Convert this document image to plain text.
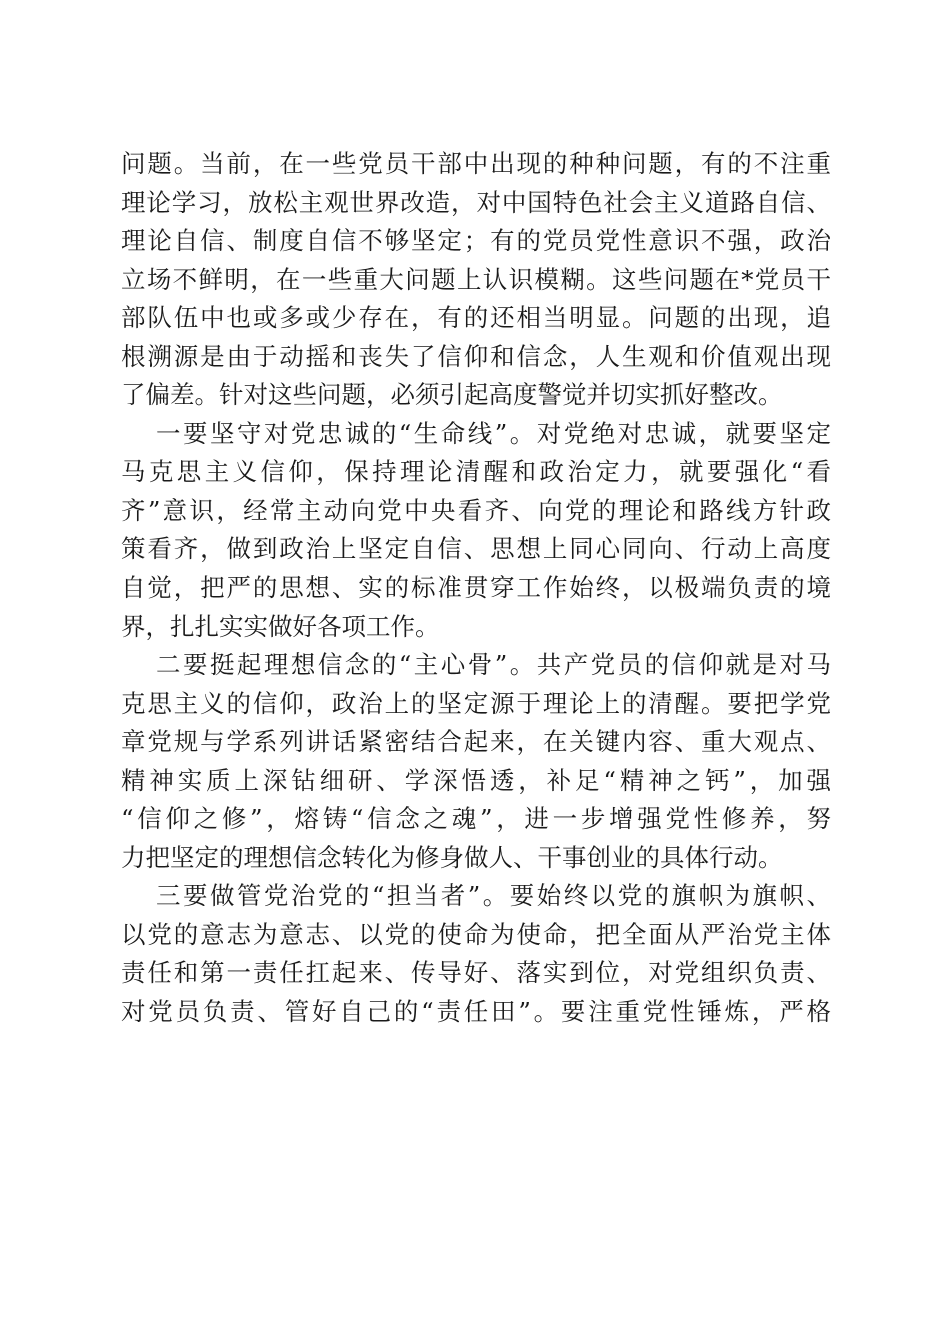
问题。当前，在一些党员干部中出现的种种问题，有的不注重
理论学习，放松主观世界改造，对中国特色社会主义道路自信、
理论自信、制度自信不够坚定；有的党员党性意识不强，政治
立场不鲜明，在一些重大问题上认识模糊。这些问题在*党员干
部队伍中也或多或少存在，有的还相当明显。问题的出现，追
根溯源是由于动摇和丧失了信仰和信念，人生观和价值观出现
了偏差。针对这些问题，必须引起高度警觉并切实抓好整改。
一要坚守对党忠诚的“生命线”。对党绝对忠诚，就要坚定
马克思主义信仰，保持理论清醒和政治定力，就要强化“看
齐”意识，经常主动向党中央看齐、向党的理论和路线方针政
策看齐，做到政治上坚定自信、思想上同心同向、行动上高度
自觉，把严的思想、实的标准贯穿工作始终，以极端负责的境
界，扎扎实实做好各项工作。
二要挺起理想信念的“主心骨”。共产党员的信仰就是对马
克思主义的信仰，政治上的坚定源于理论上的清醒。要把学党
章党规与学系列讲话紧密结合起来，在关键内容、重大观点、
精神实质上深钻细研、学深悟透，补足“精神之钙”，加强
“信仰之修”，熔铸“信念之魂”，进一步增强党性修养，努
力把坚定的理想信念转化为修身做人、干事创业的具体行动。
三要做管党治党的“担当者”。要始终以党的旗帜为旗帜、
以党的意志为意志、以党的使命为使命，把全面从严治党主体
责任和第一责任扛起来、传导好、落实到位，对党组织负责、
对党员负责、管好自己的“责任田”。要注重党性锤炼，严格
